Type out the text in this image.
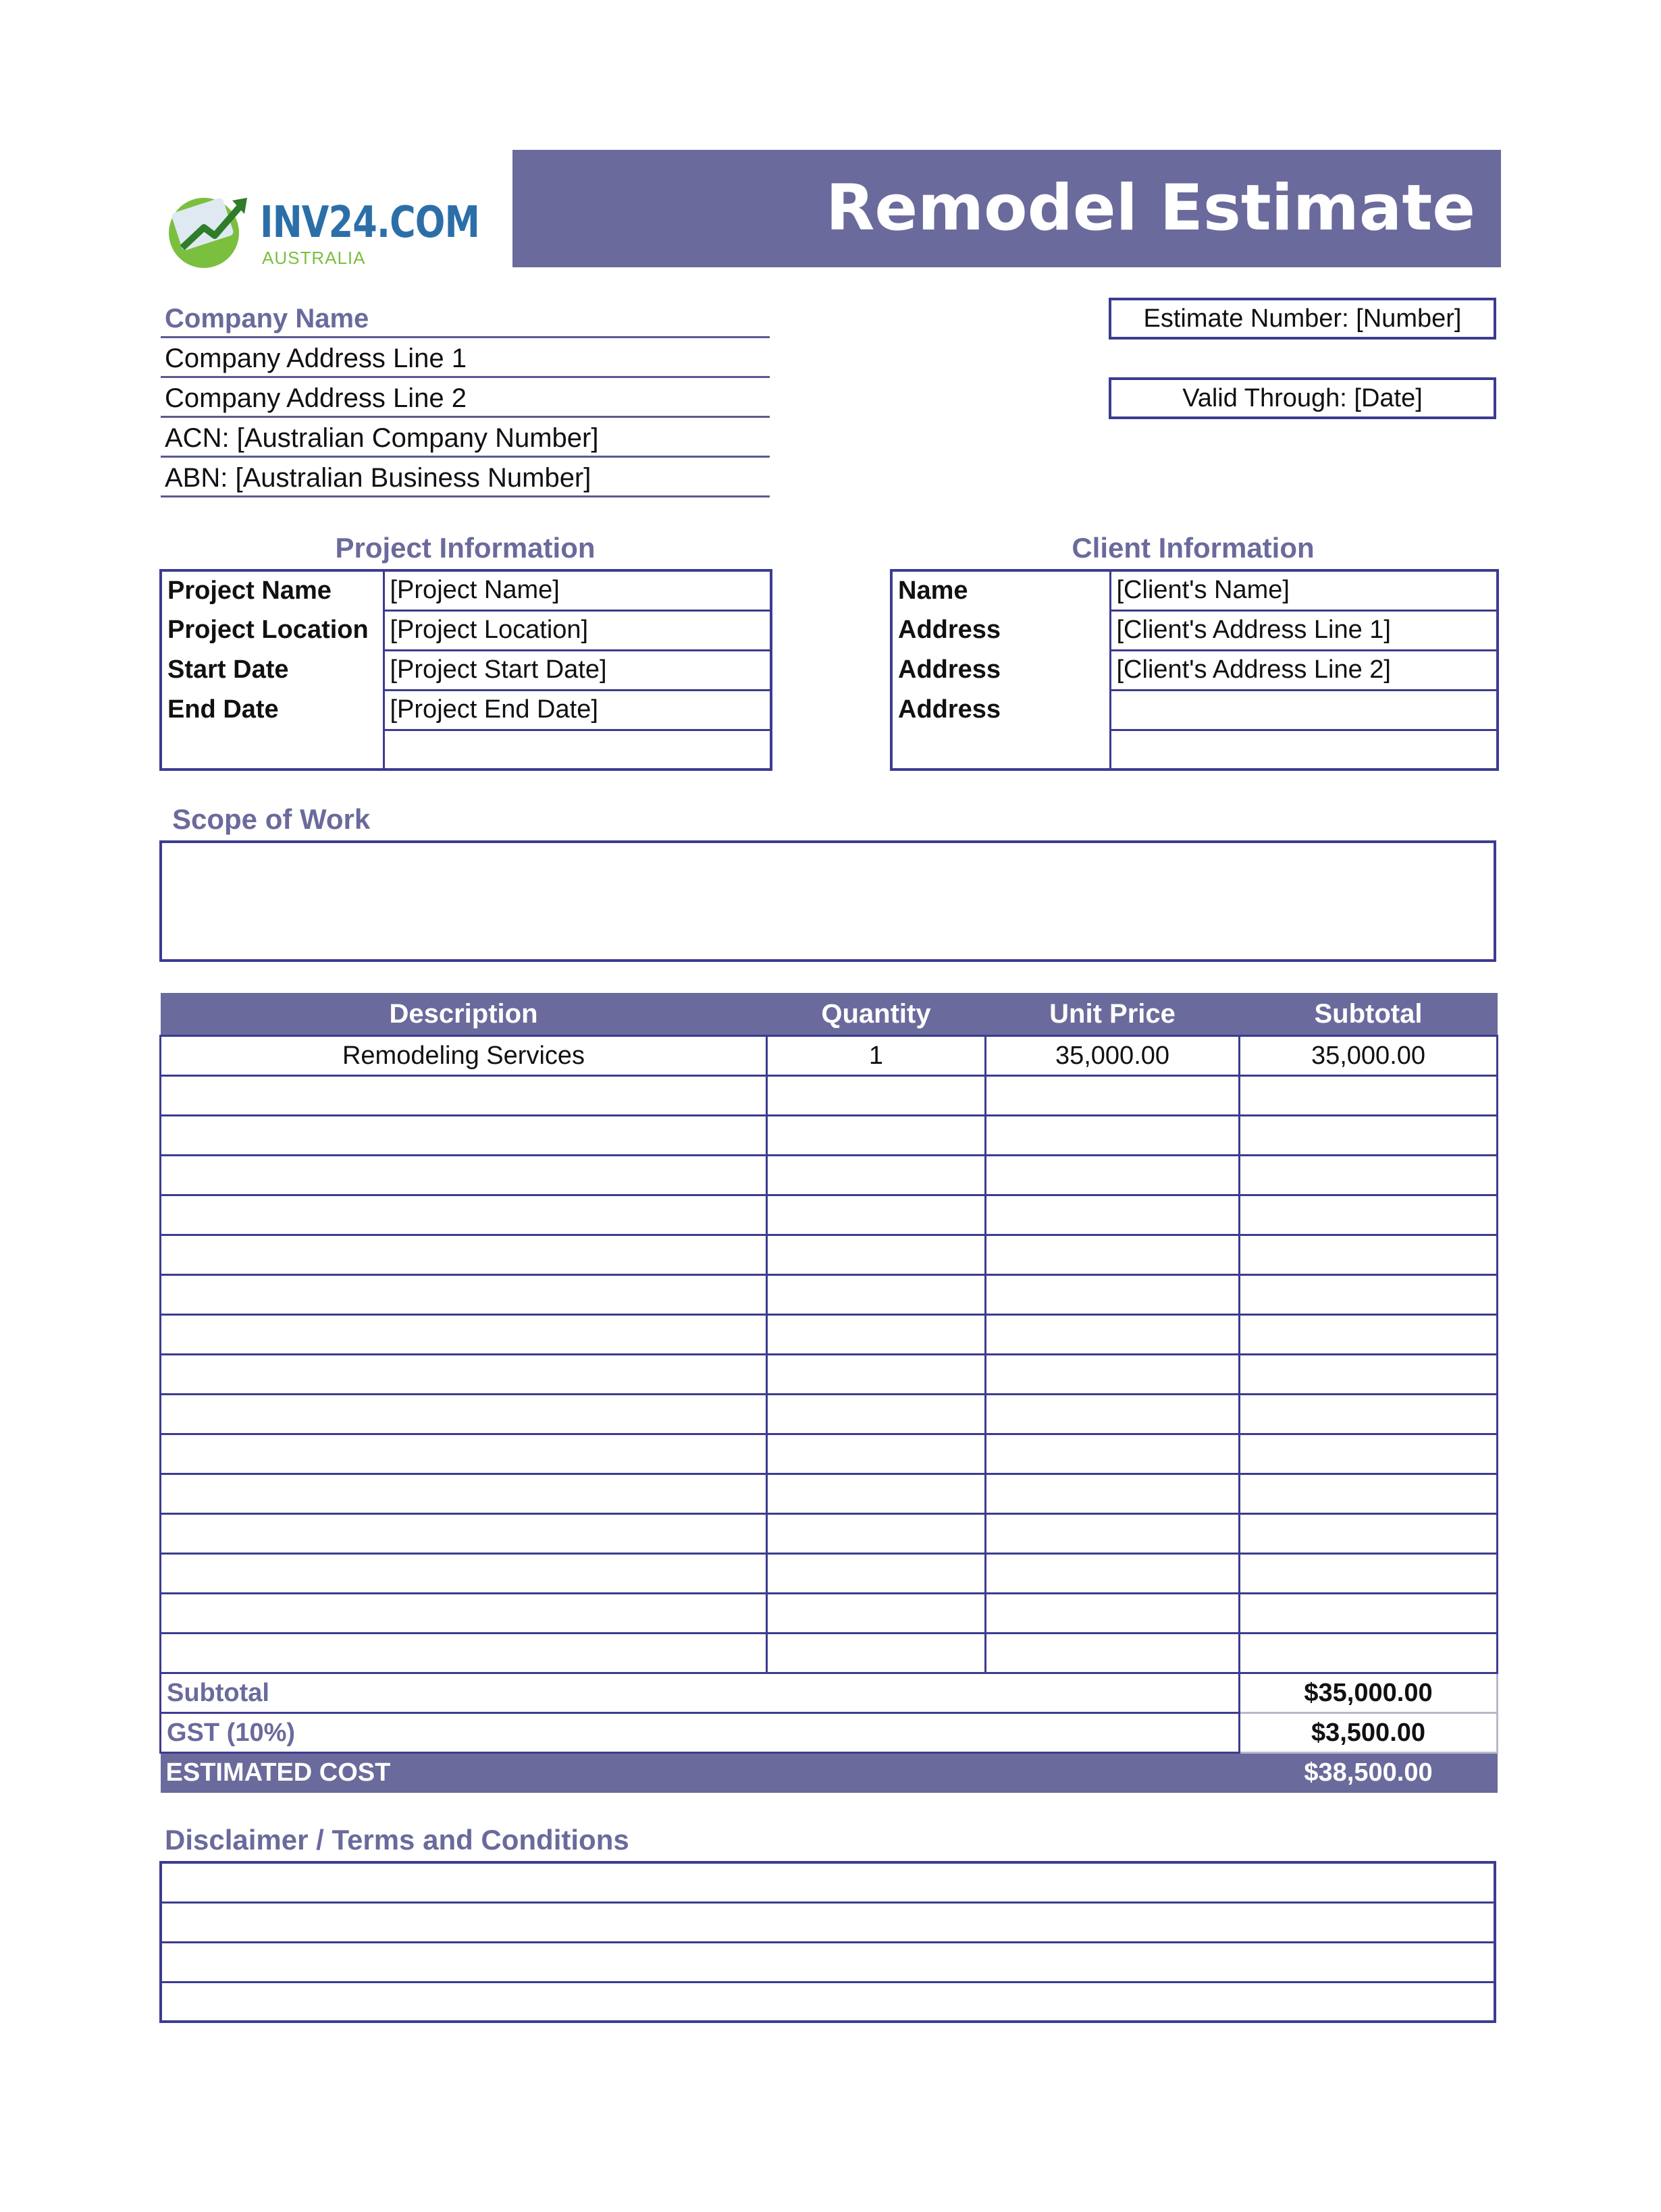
INV24.COM
AUSTRALIA
Remodel Estimate
Company Name
Company Address Line 1
Company Address Line 2
ACN: [Australian Company Number]
ABN: [Australian Business Number]
Estimate Number: [Number]
Valid Through: [Date]
Project Information
Project Name	[Project Name]
Project Location	[Project Location]
Start Date	[Project Start Date]
End Date	[Project End Date]

Client Information
Name	[Client's Name]
Address	[Client's Address Line 1]
Address	[Client's Address Line 2]
Address	

Scope of Work
Description	Quantity	Unit Price	Subtotal
Remodeling Services	1	35,000.00	35,000.00

Subtotal			$35,000.00
GST (10%)			$3,500.00
ESTIMATED COST			$38,500.00
Disclaimer / Terms and Conditions
